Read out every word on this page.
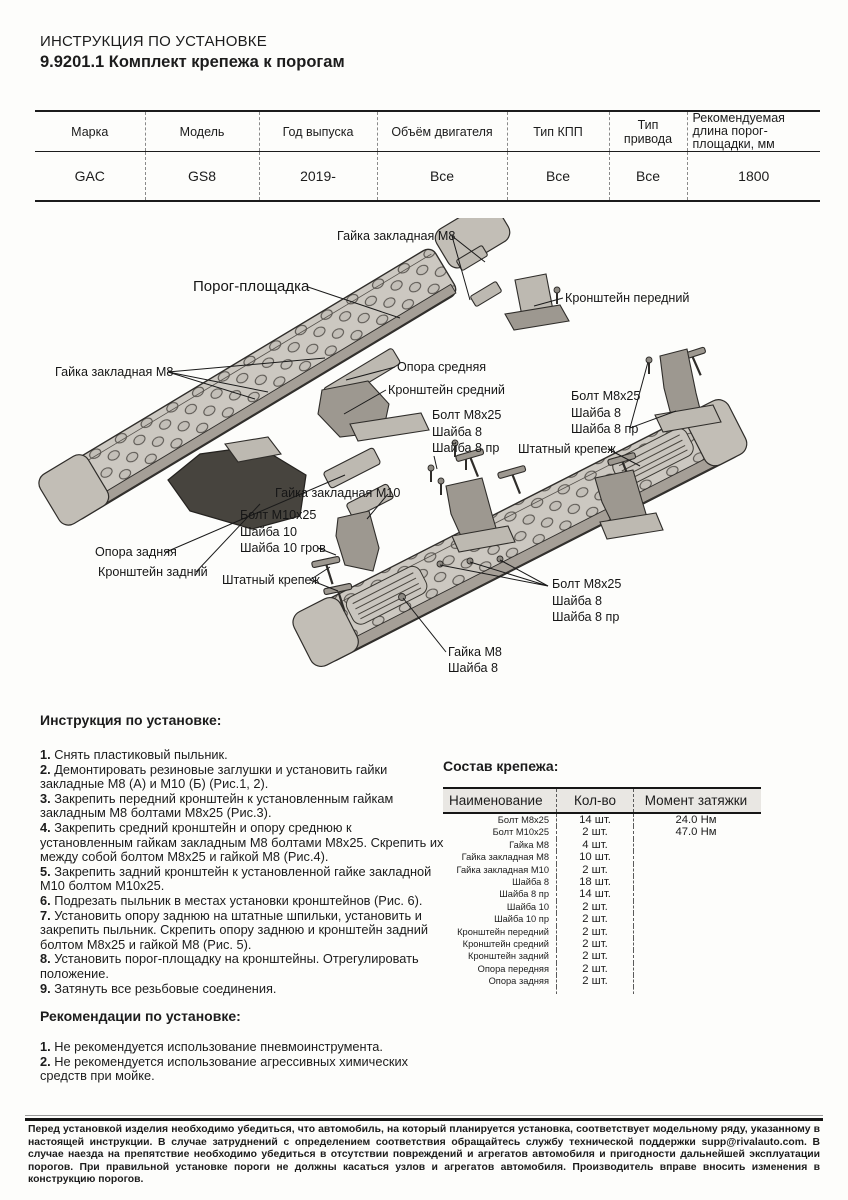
ИНСТРУКЦИЯ ПО УСТАНОВКЕ
9.9201.1 Комплект крепежа к порогам
Марка	Модель	Год выпуска	Объём двигателя	Тип КПП	Тип привода	Рекомендуемая длина порог-площадки, мм
GAC	GS8	2019-	Все	Все	Все	1800
Гайка закладная М8
Порог-площадка
Кронштейн передний
Гайка закладная М8	Опора средняя
Кронштейн средний
Болт М8х25
Шайба 8
Шайба 8 пр
Болт М8х25
Шайба 8
Шайба 8 пр
Штатный крепеж
Гайка закладная М10
Болт М10х25
Шайба 10
Шайба 10 гров
Опора задняя
Кронштейн задний
Штатный крепеж	Болт М8х25
Шайба 8
Шайба 8 пр
Гайка М8
Шайба 8
Инструкция по установке:
1. Снять пластиковый пыльник.
2. Демонтировать резиновые заглушки и установить гайки закладные М8 (А) и М10 (Б) (Рис.1, 2).
3. Закрепить передний кронштейн к установленным гайкам закладным М8 болтами М8х25 (Рис.3).
4. Закрепить средний кронштейн и опору среднюю к установленным гайкам закладным М8 болтами М8х25. Скрепить их между собой болтом М8х25 и гайкой М8 (Рис.4).
5. Закрепить задний кронштейн к установленной гайке закладной М10 болтом М10х25.
6. Подрезать пыльник в местах установки кронштейнов (Рис. 6).
7. Установить опору заднюю на штатные шпильки, установить и закрепить пыльник. Скрепить опору заднюю и кронштейн задний болтом М8х25 и гайкой М8 (Рис. 5).
8. Установить порог-площадку на кронштейны. Отрегулировать положение.
9. Затянуть все резьбовые соединения.
Состав крепежа:
Наименование	Кол-во	Момент затяжки
Болт М8х25	14 шт.	24.0 Нм
Болт М10х25	2 шт.	47.0 Нм
Гайка М8	4 шт.
Гайка закладная М8	10 шт.
Гайка закладная М10	2 шт.
Шайба 8	18 шт.
Шайба 8 пр	14 шт.
Шайба 10	2 шт.
Шайба 10 пр	2 шт.
Кронштейн передний	2 шт.
Кронштейн средний	2 шт.
Кронштейн задний	2 шт.
Опора передняя	2 шт.
Опора задняя	2 шт.
Рекомендации по установке:
1. Не рекомендуется использование пневмоинструмента.
2. Не рекомендуется использование агрессивных химических средств при мойке.
Перед установкой изделия необходимо убедиться, что автомобиль, на который планируется установка, соответствует модельному ряду, указанному в настоящей инструкции. В случае затруднений с определением соответствия обращайтесь службу технической поддержки supp@rivalauto.com. В случае наезда на препятствие необходимо убедиться в отсутствии повреждений и агрегатов автомобиля и пригодности дальнейшей эксплуатации порогов. При правильной установке пороги не должны касаться узлов и агрегатов автомобиля. Производитель вправе вносить изменения в конструкцию порогов.
